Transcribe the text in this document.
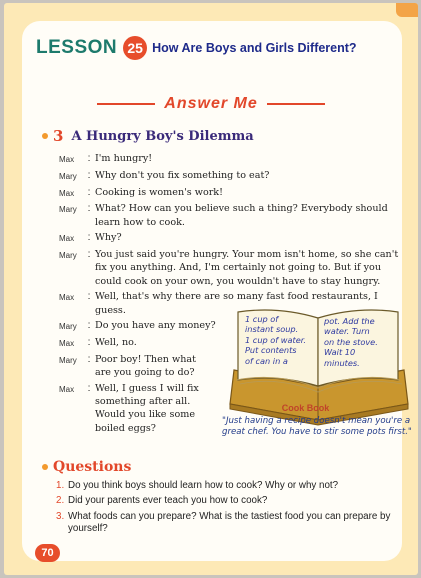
LESSON 25 How Are Boys and Girls Different?
Answer Me
3 A Hungry Boy's Dilemma
Max	: I'm hungry!
Mary	: Why don't you fix something to eat?
Max	: Cooking is women's work!
Mary	: What? How can you believe such a thing? Everybody should learn how to cook.
Max	: Why?
Mary	: You just said you're hungry. Your mom isn't home, so she can't fix you anything. And, I'm certainly not going to. But if you could cook on your own, you wouldn't have to stay hungry.
Max	: Well, that's why there are so many fast food restaurants, I guess.
Mary	: Do you have any money?
Max	: Well, no.
Mary	: Poor boy! Then what are you going to do?
Max	: Well, I guess I will fix something after all. Would you like some boiled eggs?
1 cup of
instant soup.
1 cup of water.
Put contents
of can in a
pot. Add the
water. Turn
on the stove.
Wait 10
minutes.
Cook Book
"Just having a recipe doesn't mean you're a great chef. You have to stir some pots first."
Questions
1. Do you think boys should learn how to cook? Why or why not?
2. Did your parents ever teach you how to cook?
3. What foods can you prepare? What is the tastiest food you can prepare by yourself?
70
